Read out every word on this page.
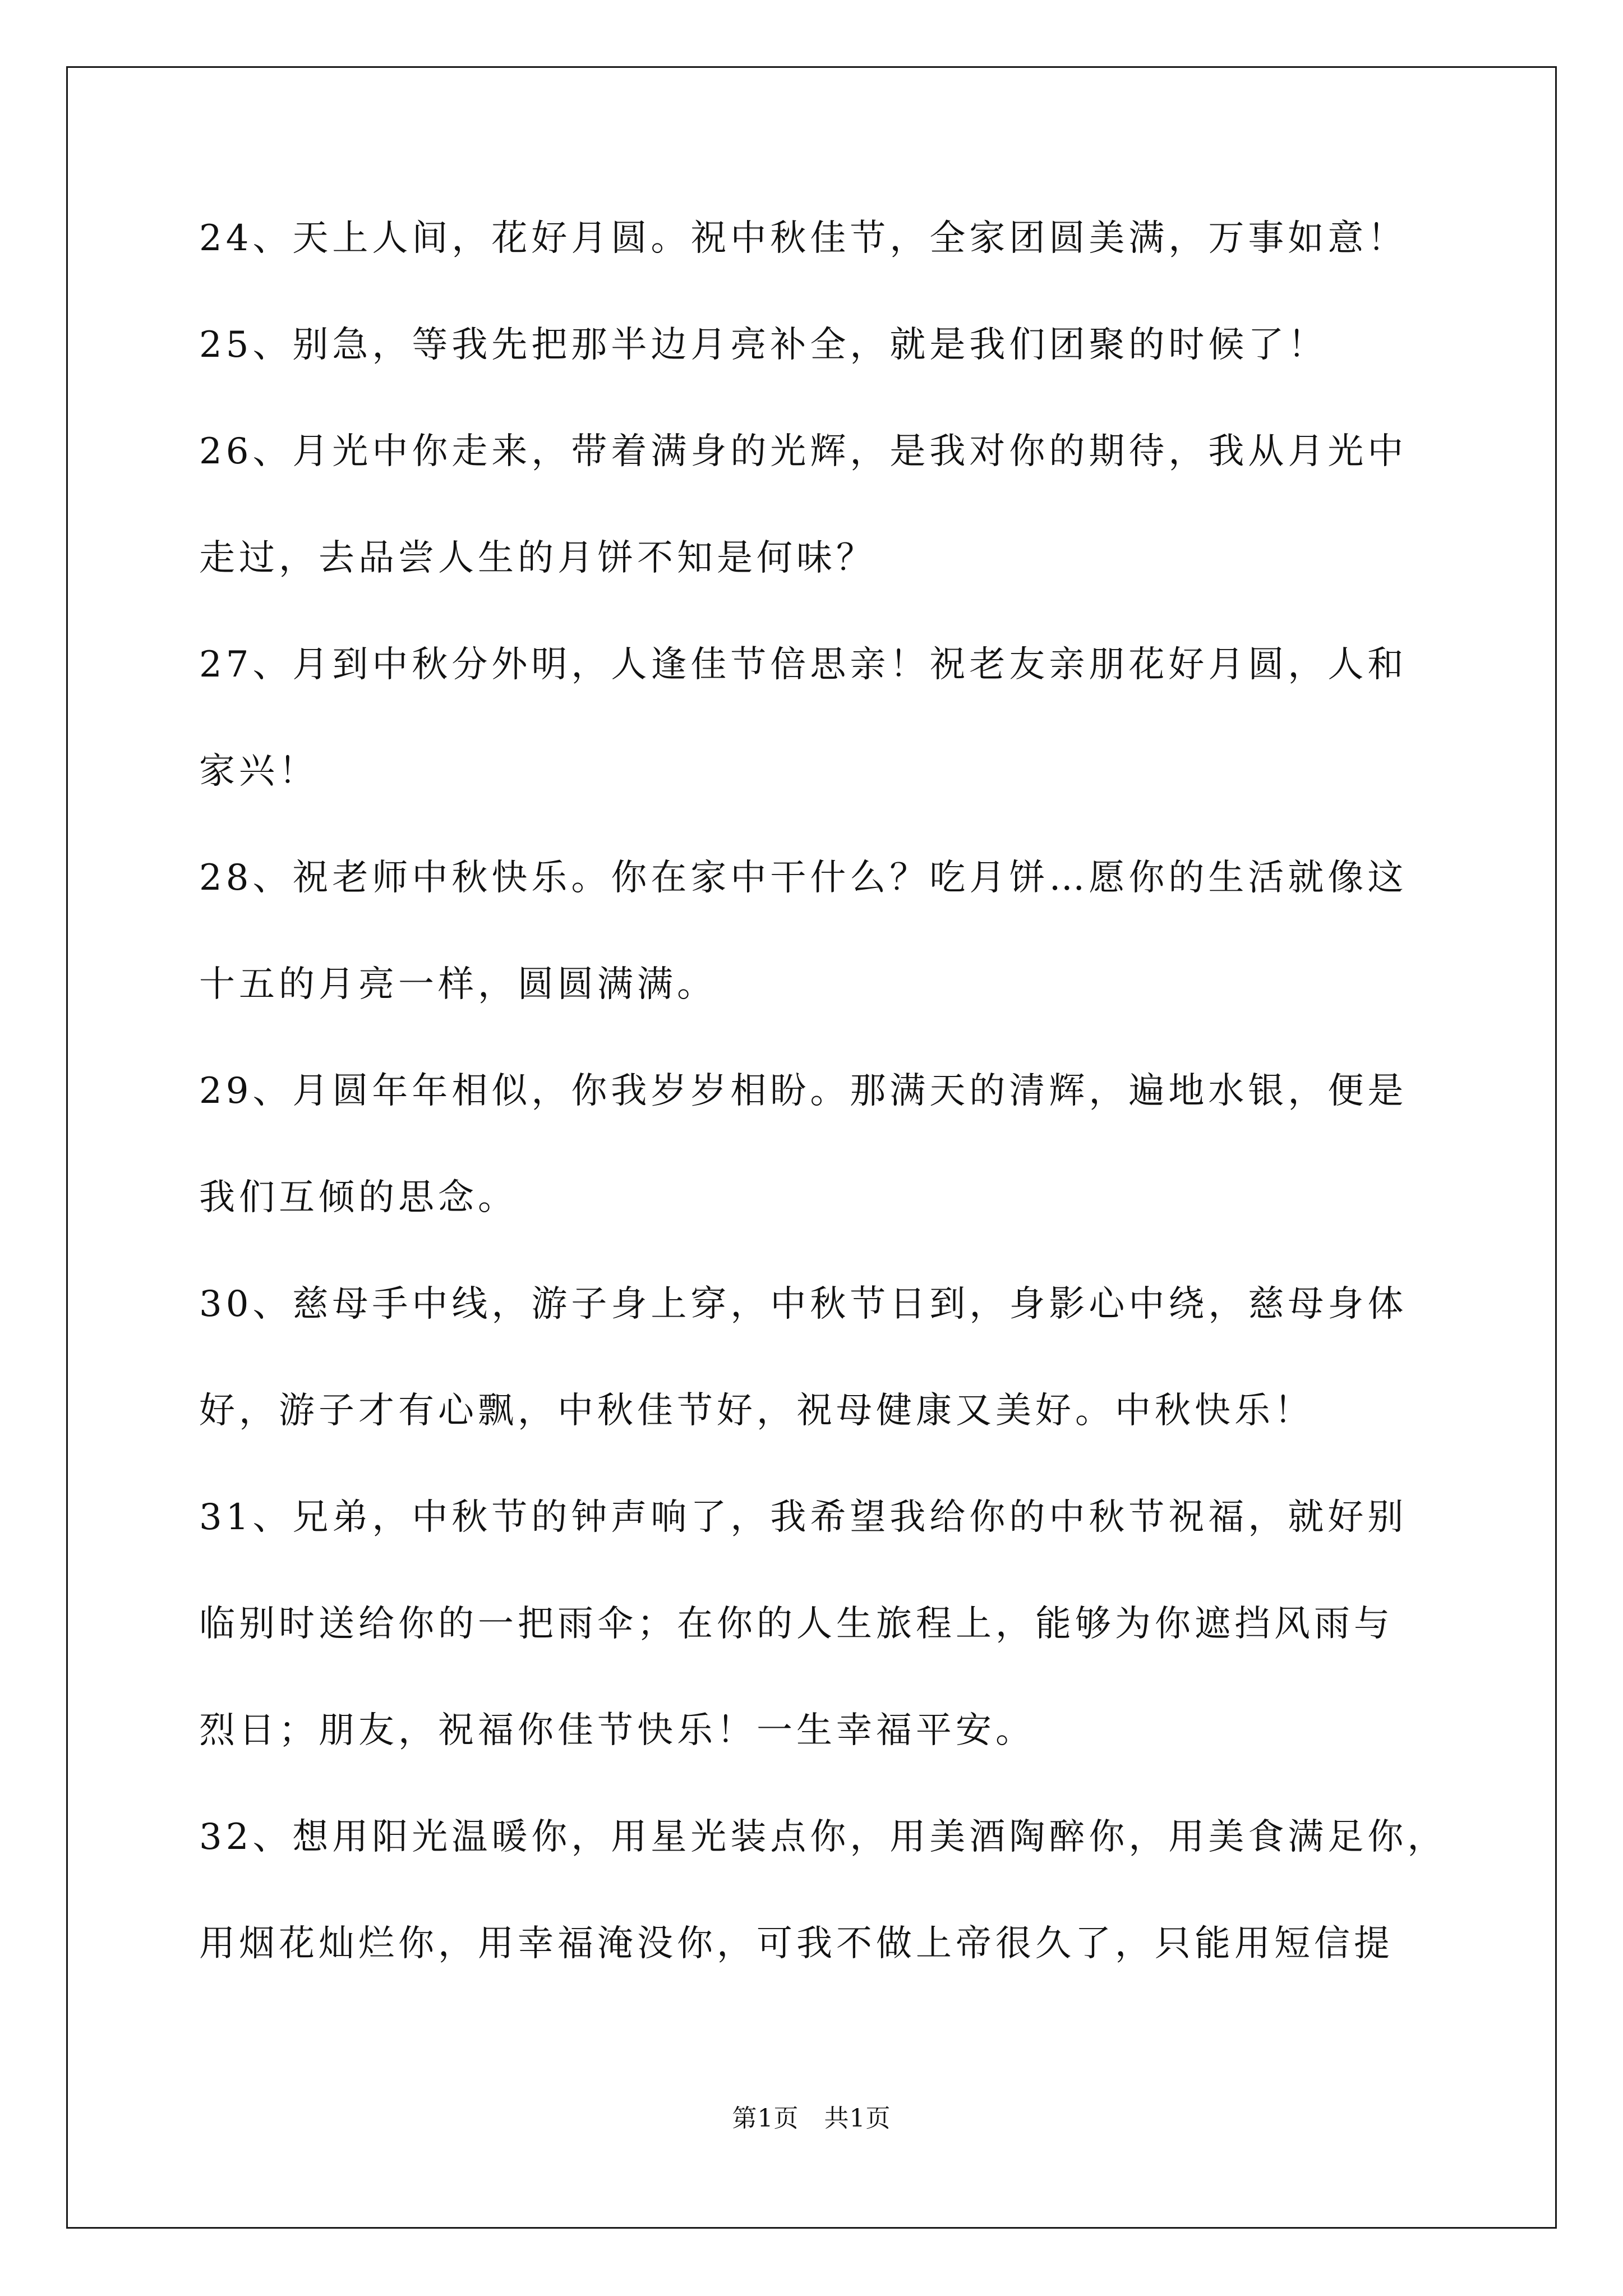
24、天上人间，花好月圆。祝中秋佳节，全家团圆美满，万事如意！
25、别急，等我先把那半边月亮补全，就是我们团聚的时候了！
26、月光中你走来，带着满身的光辉，是我对你的期待，我从月光中
走过，去品尝人生的月饼不知是何味？
27、月到中秋分外明，人逢佳节倍思亲！祝老友亲朋花好月圆，人和
家兴！
28、祝老师中秋快乐。你在家中干什么？吃月饼…愿你的生活就像这
十五的月亮一样，圆圆满满。
29、月圆年年相似，你我岁岁相盼。那满天的清辉，遍地水银，便是
我们互倾的思念。
30、慈母手中线，游子身上穿，中秋节日到，身影心中绕，慈母身体
好，游子才有心飘，中秋佳节好，祝母健康又美好。中秋快乐！
31、兄弟，中秋节的钟声响了，我希望我给你的中秋节祝福，就好别
临别时送给你的一把雨伞；在你的人生旅程上，能够为你遮挡风雨与
烈日；朋友，祝福你佳节快乐！一生幸福平安。
32、想用阳光温暖你，用星光装点你，用美酒陶醉你，用美食满足你，
用烟花灿烂你，用幸福淹没你，可我不做上帝很久了，只能用短信提
第1页　共1页
